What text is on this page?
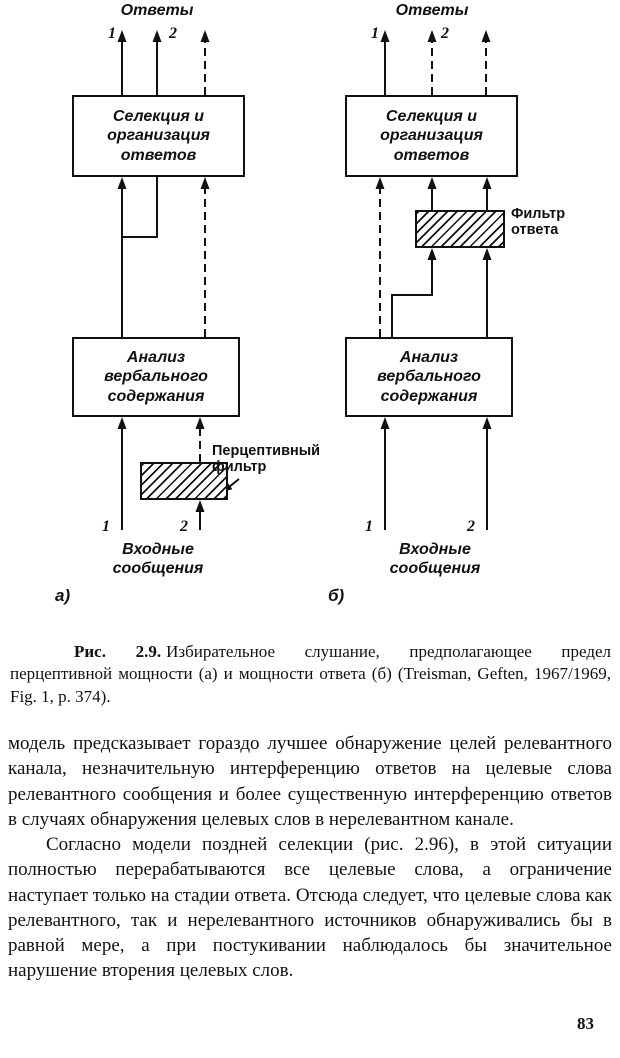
Ответы
1	2
Селекция и организация ответов
Анализ вербального содержания
Перцептивный фильтр
1	2
Входные сообщения
а)
Ответы
1	2
Селекция и организация ответов
Фильтр ответа
Анализ вербального содержания
1	2
Входные сообщения
б)
Рис. 2.9. Избирательное слушание, предполагающее предел перцептивной мощности (а) и мощности ответа (б) (Treisman, Geften, 1967/1969, Fig. 1, p. 374).

модель предсказывает гораздо лучшее обнаружение целей релевантного канала, незначительную интерференцию ответов на целевые слова релевантного сообщения и более существенную интерференцию ответов в случаях обнаружения целевых слов в нерелевантном канале.

Согласно модели поздней селекции (рис. 2.96), в этой ситуации полностью перерабатываются все целевые слова, а ограничение наступает только на стадии ответа. Отсюда следует, что целевые слова как релевантного, так и нерелевантного источников обнаруживались бы в равной мере, а при постукивании наблюдалось бы значительное нарушение вторения целевых слов.

83
